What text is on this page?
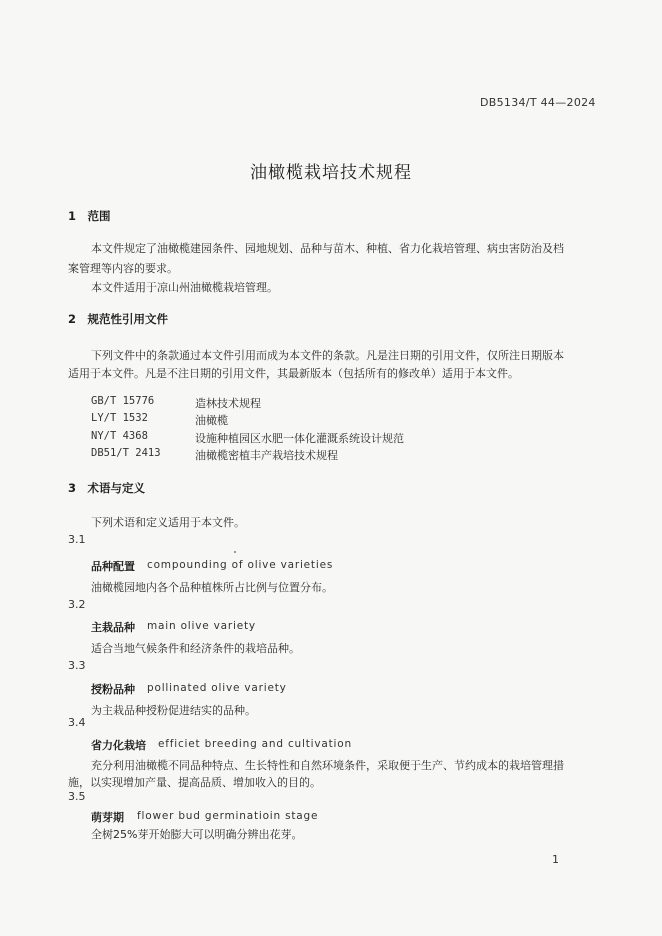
DB5134/T 44—2024
油橄榄栽培技术规程
1　范围
本文件规定了油橄榄建园条件、园地规划、品种与苗木、种植、省力化栽培管理、病虫害防治及档
案管理等内容的要求。
本文件适用于凉山州油橄榄栽培管理。
2　规范性引用文件
下列文件中的条款通过本文件引用而成为本文件的条款。凡是注日期的引用文件，仅所注日期版本
适用于本文件。凡是不注日期的引用文件，其最新版本（包括所有的修改单）适用于本文件。
GB/T 15776	造林技术规程
LY/T 1532	油橄榄
NY/T 4368	设施种植园区水肥一体化灌溉系统设计规范
DB51/T 2413	油橄榄密植丰产栽培技术规程
3　术语与定义
下列术语和定义适用于本文件。
3.1
品种配置 compounding of olive varieties
油橄榄园地内各个品种植株所占比例与位置分布。
3.2
主栽品种 main olive variety
适合当地气候条件和经济条件的栽培品种。
3.3
授粉品种 pollinated olive variety
为主栽品种授粉促进结实的品种。
3.4
省力化栽培 efficiet breeding and cultivation
充分利用油橄榄不同品种特点、生长特性和自然环境条件，采取便于生产、节约成本的栽培管理措
施，以实现增加产量、提高品质、增加收入的目的。
3.5
萌芽期 flower bud germinatioin stage
全树25%芽开始膨大可以明确分辨出花芽。
1
